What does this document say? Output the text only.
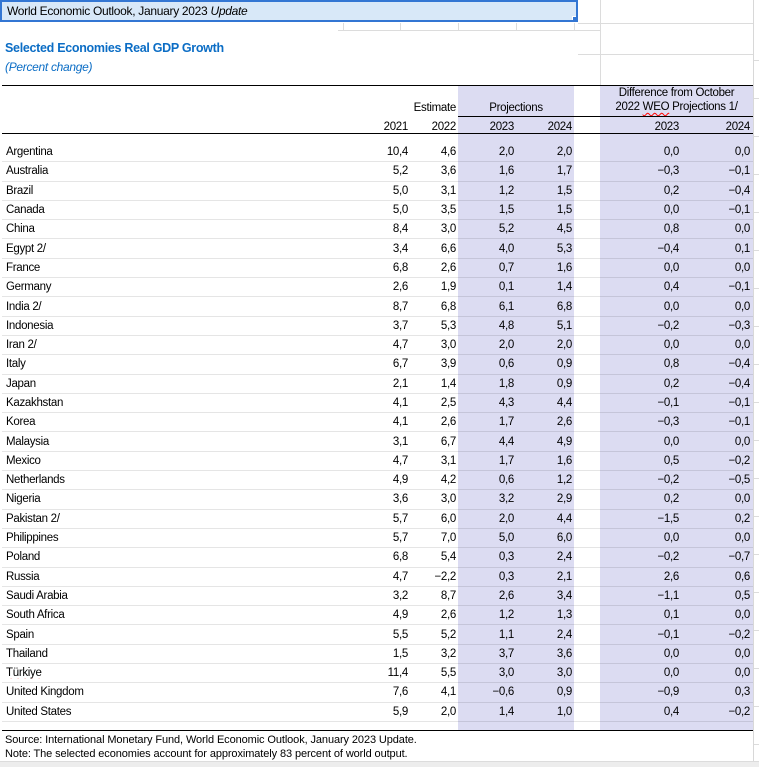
World Economic Outlook, January 2023 Update
Selected Economies Real GDP Growth
(Percent change)
Estimate	Projections
Difference from October
2022 WEO Projections 1/
2021	2022	2023	2024	2023	2024
Argentina	10,4	4,6	2,0	2,0	0,0	0,0
Australia	5,2	3,6	1,6	1,7	−0,3	−0,1
Brazil	5,0	3,1	1,2	1,5	0,2	−0,4
Canada	5,0	3,5	1,5	1,5	0,0	−0,1
China	8,4	3,0	5,2	4,5	0,8	0,0
Egypt 2/	3,4	6,6	4,0	5,3	−0,4	0,1
France	6,8	2,6	0,7	1,6	0,0	0,0
Germany	2,6	1,9	0,1	1,4	0,4	−0,1
India 2/	8,7	6,8	6,1	6,8	0,0	0,0
Indonesia	3,7	5,3	4,8	5,1	−0,2	−0,3
Iran 2/	4,7	3,0	2,0	2,0	0,0	0,0
Italy	6,7	3,9	0,6	0,9	0,8	−0,4
Japan	2,1	1,4	1,8	0,9	0,2	−0,4
Kazakhstan	4,1	2,5	4,3	4,4	−0,1	−0,1
Korea	4,1	2,6	1,7	2,6	−0,3	−0,1
Malaysia	3,1	6,7	4,4	4,9	0,0	0,0
Mexico	4,7	3,1	1,7	1,6	0,5	−0,2
Netherlands	4,9	4,2	0,6	1,2	−0,2	−0,5
Nigeria	3,6	3,0	3,2	2,9	0,2	0,0
Pakistan 2/	5,7	6,0	2,0	4,4	−1,5	0,2
Philippines	5,7	7,0	5,0	6,0	0,0	0,0
Poland	6,8	5,4	0,3	2,4	−0,2	−0,7
Russia	4,7	−2,2	0,3	2,1	2,6	0,6
Saudi Arabia	3,2	8,7	2,6	3,4	−1,1	0,5
South Africa	4,9	2,6	1,2	1,3	0,1	0,0
Spain	5,5	5,2	1,1	2,4	−0,1	−0,2
Thailand	1,5	3,2	3,7	3,6	0,0	0,0
Türkiye	11,4	5,5	3,0	3,0	0,0	0,0
United Kingdom	7,6	4,1	−0,6	0,9	−0,9	0,3
United States	5,9	2,0	1,4	1,0	0,4	−0,2
Source: International Monetary Fund, World Economic Outlook, January 2023 Update.
Note: The selected economies account for approximately 83 percent of world output.
